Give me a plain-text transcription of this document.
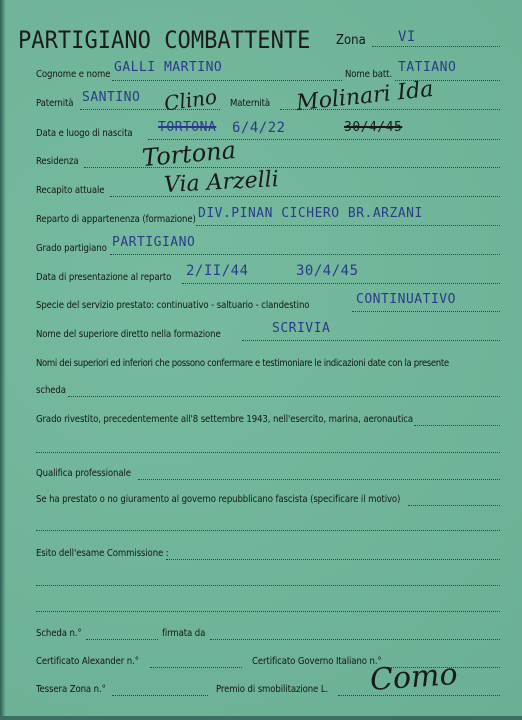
PARTIGIANO COMBATTENTE Zona VI
Cognome e nome GALLI MARTINO	Nome batt. TATIANO
Paternità SANTINO Clino Maternità Molinari Ida
Data e luogo di nascita TORTONA 6/4/22	30/4/45
Residenza	Tortona
Recapito attuale	Via Arzelli
Reparto di appartenenza (formazione) DIV.PINAN CICHERO BR.ARZANI
Grado partigiano PARTIGIANO
Data di presentazione al reparto 2/II/44	30/4/45
Specie del servizio prestato: continuativo - saltuario - clandestino	CONTINUATIVO
Nome del superiore diretto nella formazione	SCRIVIA
Nomi dei superiori ed inferiori che possono confermare e testimoniare le indicazioni date con la presente
scheda
Grado rivestito, precedentemente all'8 settembre 1943, nell'esercito, marina, aeronautica
Qualifica professionale
Se ha prestato o no giuramento al governo repubblicano fascista (specificare il motivo)
Esito dell'esame Commissione :
Scheda n.°	firmata da
Certificato Alexander n.°	Certificato Governo Italiano n.°
Tessera Zona n.°	Premio di smobilitazione L. Como
